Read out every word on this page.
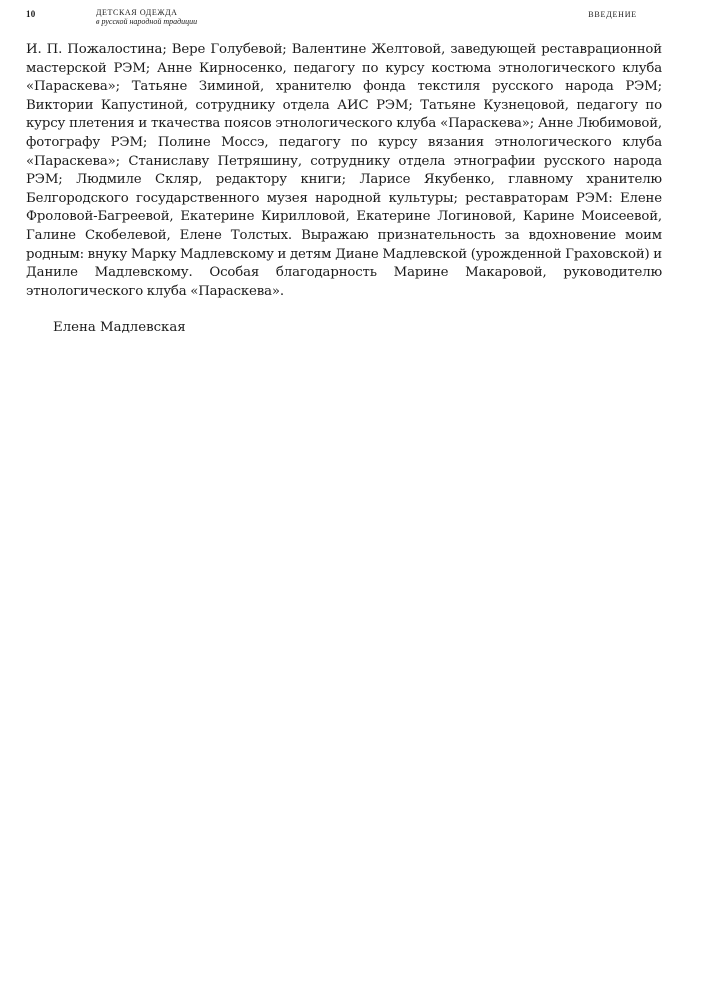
10	ДЕТСКАЯ ОДЕЖДА
в русской народной традиции
ВВЕДЕНИЕ

И. П. Пожалостина; Вере Голубевой; Валентине Желтовой, заведующей реставрационной мастерской РЭМ; Анне Кирносенко, педагогу по курсу костюма этнологического клуба «Параскева»; Татьяне Зиминой, хранителю фонда текстиля русского народа РЭМ; Виктории Капустиной, сотруднику отдела АИС РЭМ; Татьяне Кузнецовой, педагогу по курсу плетения и ткачества поясов этнологического клуба «Параскева»; Анне Любимовой, фотографу РЭМ; Полине Моссэ, педагогу по курсу вязания этнологического клуба «Параскева»; Станиславу Петряшину, сотруднику отдела этнографии русского народа РЭМ; Людмиле Скляр, редактору книги; Ларисе Якубенко, главному хранителю Белгородского государственного музея народной культуры; реставраторам РЭМ: Елене Фроловой-Багреевой, Екатерине Кирилловой, Екатерине Логиновой, Карине Моисеевой, Галине Скобелевой, Елене Толстых. Выражаю признательность за вдохновение моим родным: внуку Марку Мадлевскому и детям Диане Мадлевской (урожденной Граховской) и Даниле Мадлевскому. Особая благодарность Марине Макаровой, руководителю этнологического клуба «Параскева».

Елена Мадлевская
